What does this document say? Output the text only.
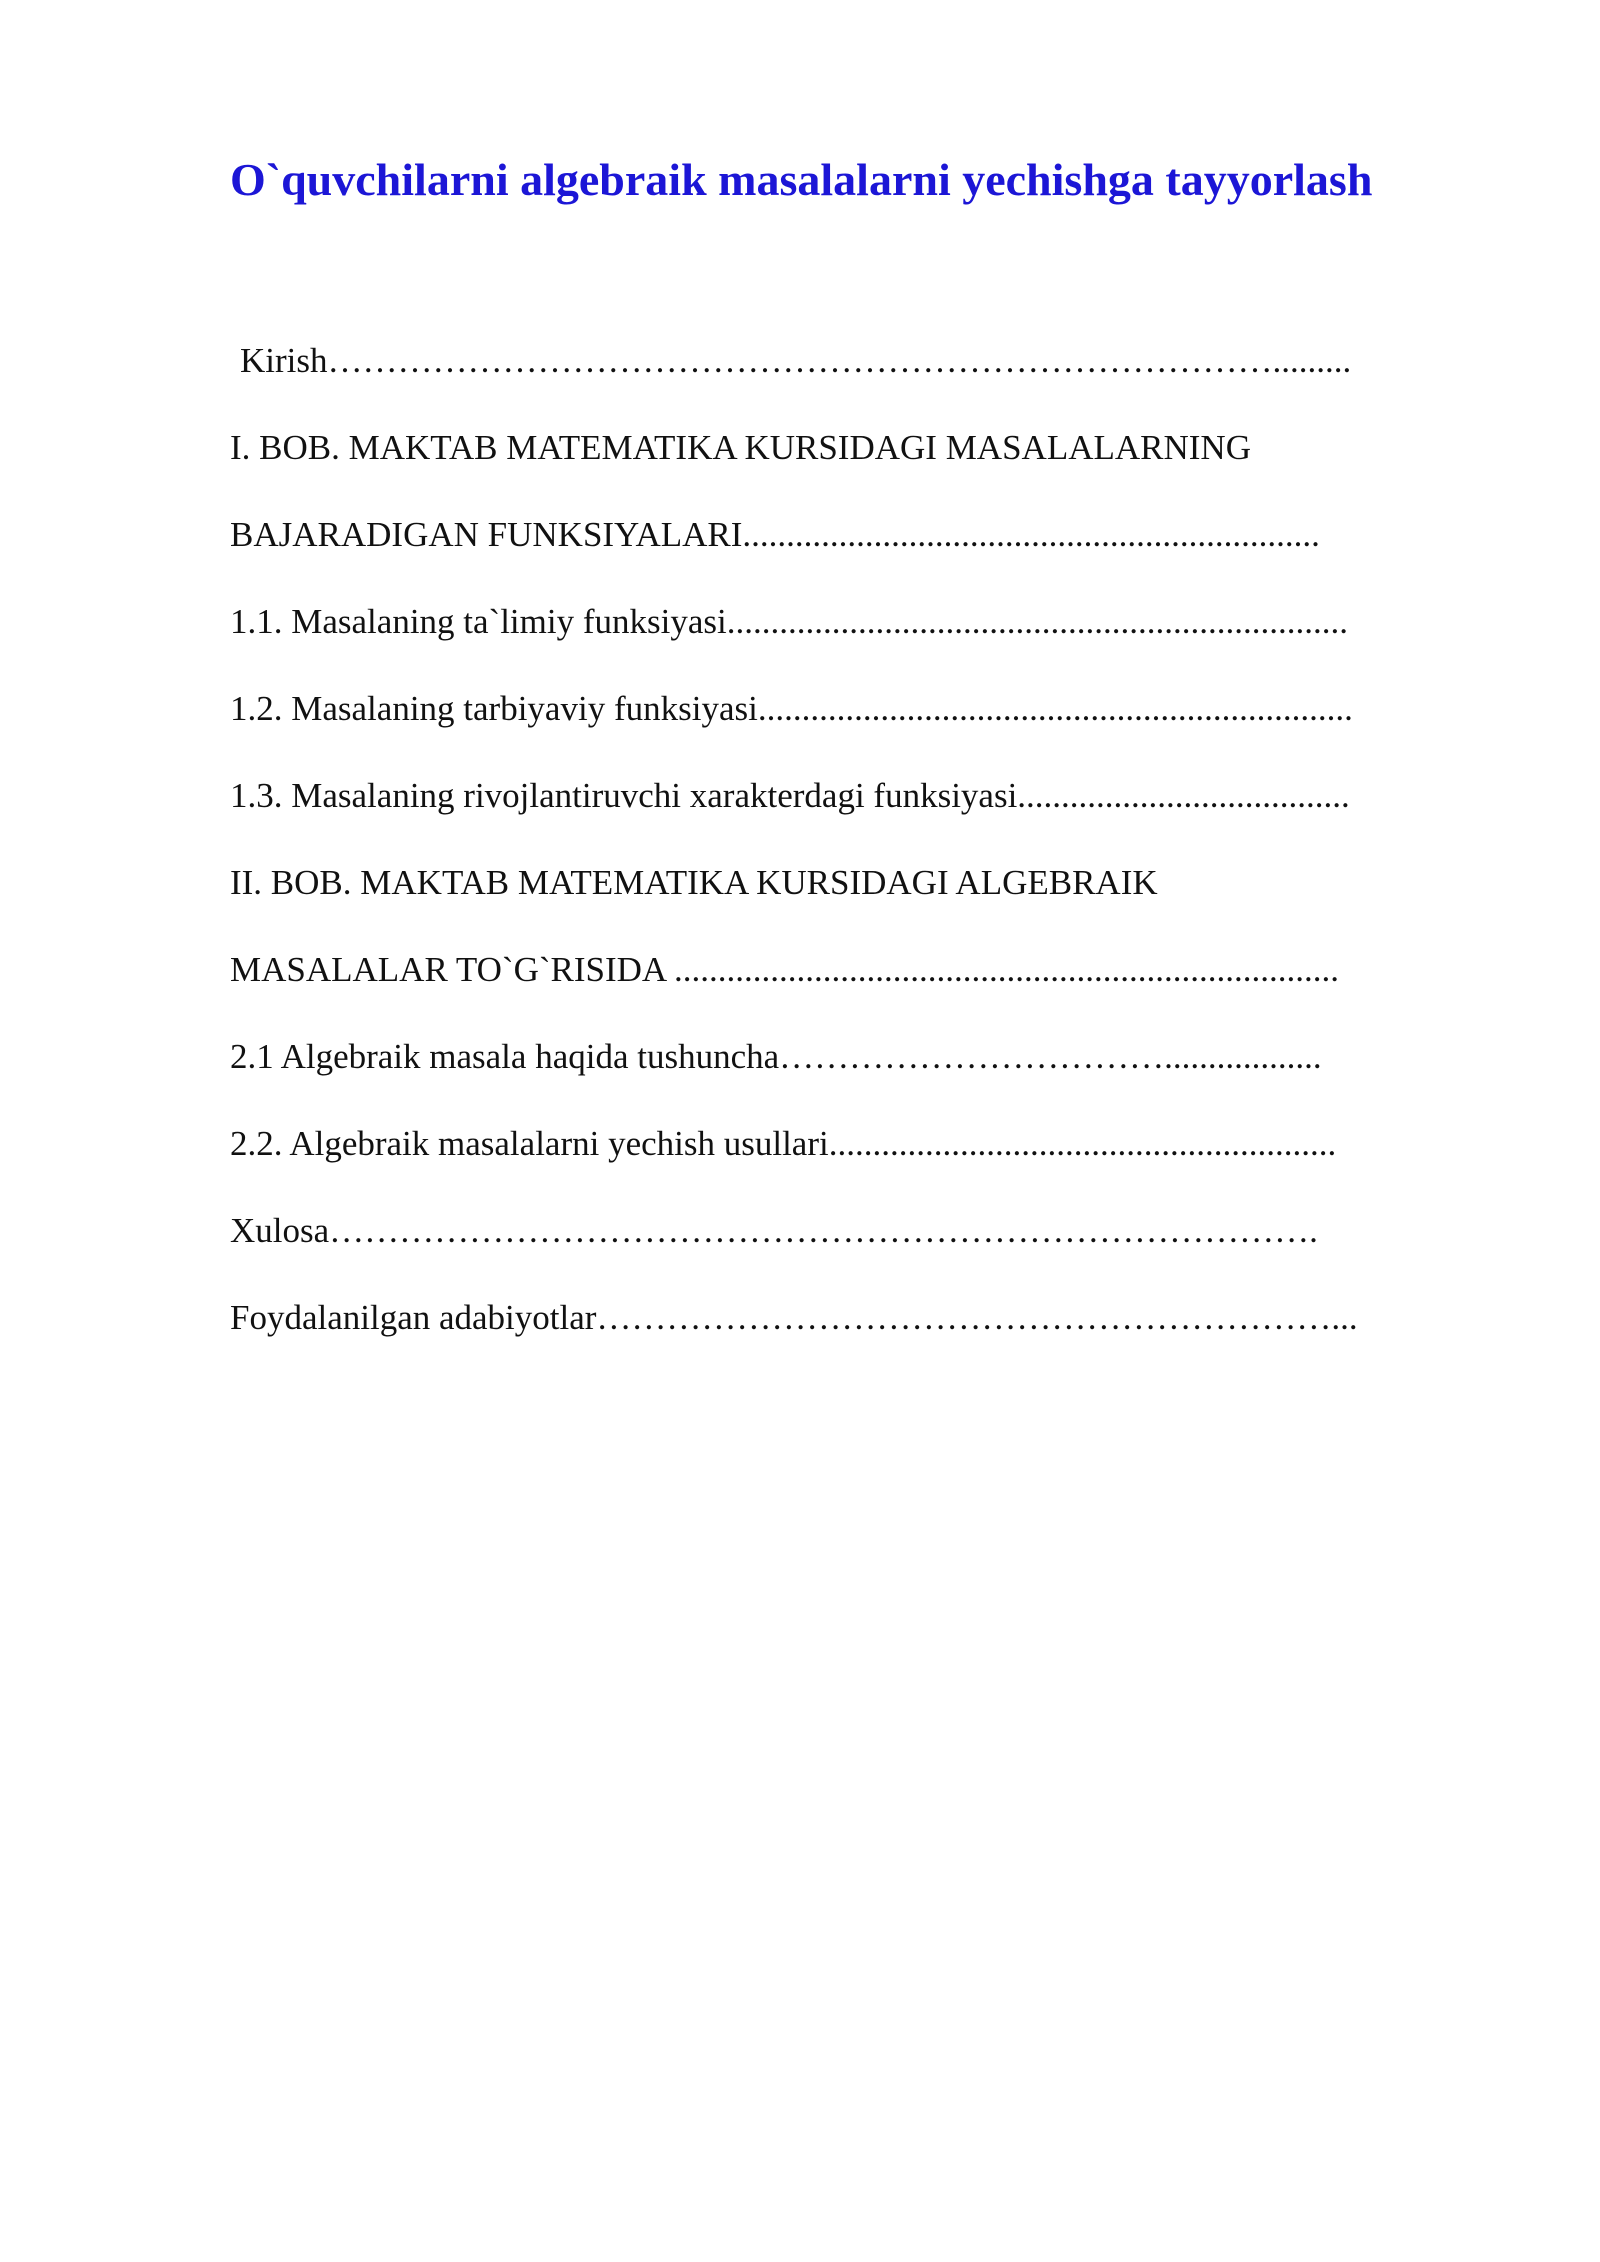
O`quvchilarni algebraik masalalarni yechishga tayyorlash
Kirish……………………………………………………………………….........
I. BOB. MAKTAB MATEMATIKA KURSIDAGI MASALALARNING
BAJARADIGAN FUNKSIYALARI..................................................................
1.1. Masalaning ta`limiy funksiyasi.......................................................................
1.2. Masalaning tarbiyaviy funksiyasi....................................................................
1.3. Masalaning rivojlantiruvchi xarakterdagi funksiyasi......................................
II. BOB. MAKTAB MATEMATIKA KURSIDAGI ALGEBRAIK
MASALALAR TO`G`RISIDA ............................................................................
2.1 Algebraik masala haqida tushuncha……………………………..................
2.2. Algebraik masalalarni yechish usullari..........................................................
Xulosa………………………………………………………………………….
Foydalanilgan adabiyotlar………………………………………………………...
